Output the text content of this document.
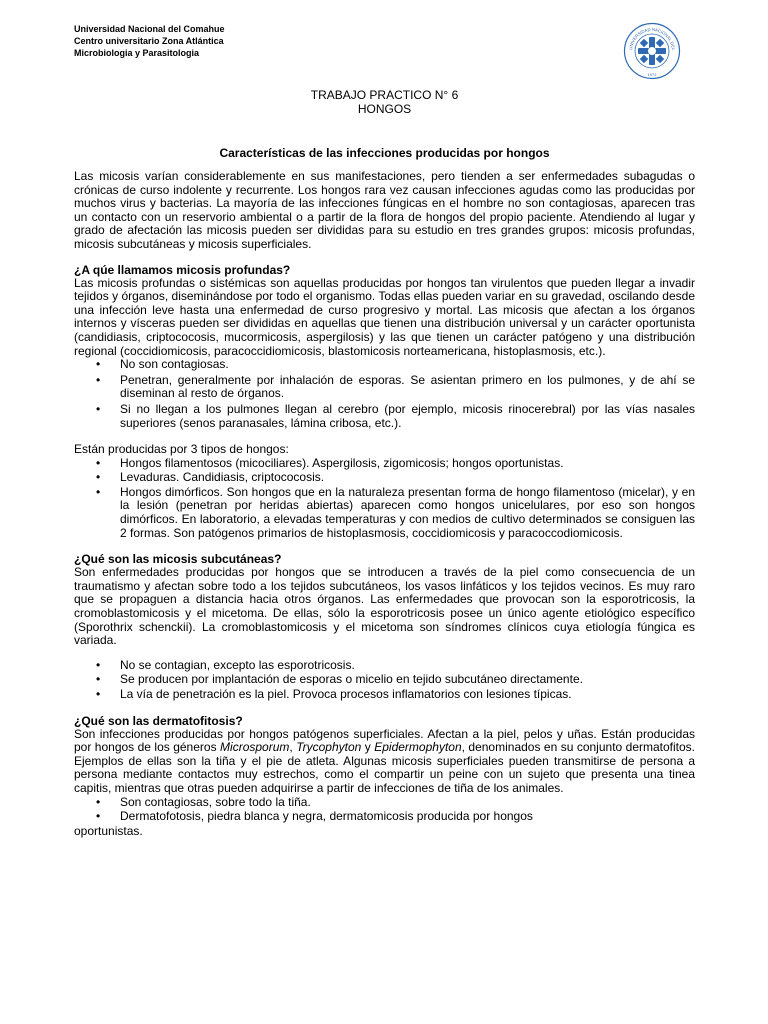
Universidad Nacional del Comahue
Centro universitario Zona Atlántica
Microbiologia y Parasitologia	UNIVERSIDAD NACIONAL DEL
1972
TRABAJO PRACTICO N° 6
HONGOS
Características de las infecciones producidas por hongos

Las micosis varían considerablemente en sus manifestaciones, pero tienden a ser enfermedades subagudas o crónicas de curso indolente y recurrente. Los hongos rara vez causan infecciones agudas como las producidas por muchos virus y bacterias. La mayoría de las infecciones fúngicas en el hombre no son contagiosas, aparecen tras un contacto con un reservorio ambiental o a partir de la flora de hongos del propio paciente. Atendiendo al lugar y grado de afectación las micosis pueden ser divididas para su estudio en tres grandes grupos: micosis profundas, micosis subcutáneas y micosis superficiales.

¿A qúe llamamos micosis profundas?

Las micosis profundas o sistémicas son aquellas producidas por hongos tan virulentos que pueden llegar a invadir tejidos y órganos, diseminándose por todo el organismo. Todas ellas pueden variar en su gravedad, oscilando desde una infección leve hasta una enfermedad de curso progresivo y mortal. Las micosis que afectan a los órganos internos y vísceras pueden ser divididas en aquellas que tienen una distribución universal y un carácter oportunista (candidiasis, criptococosis, mucormicosis, aspergilosis) y las que tienen un carácter patógeno y una distribución regional (coccidiomicosis, paracoccidiomicosis, blastomicosis norteamericana, histoplasmosis, etc.).

• No son contagiosas.
• Penetran, generalmente por inhalación de esporas. Se asientan primero en los pulmones, y de ahí se diseminan al resto de órganos.
• Si no llegan a los pulmones llegan al cerebro (por ejemplo, micosis rinocerebral) por las vías nasales superiores (senos paranasales, lámina cribosa, etc.).

Están producidas por 3 tipos de hongos:

• Hongos filamentosos (micociliares). Aspergilosis, zigomicosis; hongos oportunistas.
• Levaduras. Candidiasis, criptococosis.
• Hongos dimórficos. Son hongos que en la naturaleza presentan forma de hongo filamentoso (micelar), y en la lesión (penetran por heridas abiertas) aparecen como hongos unicelulares, por eso son hongos dimórficos. En laboratorio, a elevadas temperaturas y con medios de cultivo determinados se consiguen las 2 formas. Son patógenos primarios de histoplasmosis, coccidiomicosis y paracoccodiomicosis.
¿Qué son las micosis subcutáneas?

Son enfermedades producidas por hongos que se introducen a través de la piel como consecuencia de un traumatismo y afectan sobre todo a los tejidos subcutáneos, los vasos linfáticos y los tejidos vecinos. Es muy raro que se propaguen a distancia hacia otros órganos. Las enfermedades que provocan son la esporotricosis, la cromoblastomicosis y el micetoma. De ellas, sólo la esporotricosis posee un único agente etiológico específico (Sporothrix schenckii). La cromoblastomicosis y el micetoma son síndromes clínicos cuya etiología fúngica es variada.

• No se contagian, excepto las esporotricosis.
• Se producen por implantación de esporas o micelio en tejido subcutáneo directamente.
• La vía de penetración es la piel. Provoca procesos inflamatorios con lesiones típicas.
¿Qué son las dermatofitosis?

Son infecciones producidas por hongos patógenos superficiales. Afectan a la piel, pelos y uñas. Están producidas por hongos de los géneros Microsporum, Trycophyton y Epidermophyton, denominados en su conjunto dermatofitos. Ejemplos de ellas son la tiña y el pie de atleta. Algunas micosis superficiales pueden transmitirse de persona a persona mediante contactos muy estrechos, como el compartir un peine con un sujeto que presenta una tinea capitis, mientras que otras pueden adquirirse a partir de infecciones de tiña de los animales.

• Son contagiosas, sobre todo la tiña.
• Dermatofotosis, piedra blanca y negra, dermatomicosis producida por hongos

oportunistas.
